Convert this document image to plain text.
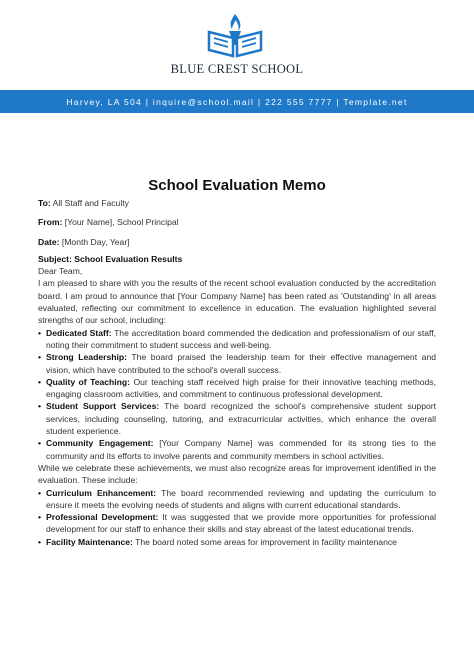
BLUE CREST SCHOOL
Harvey, LA 504 | inquire@school.mail | 222 555 7777 | Template.net
School Evaluation Memo
To: All Staff and Faculty
From: [Your Name], School Principal
Date: [Month Day, Year]
Subject: School Evaluation Results

Dear Team,

I am pleased to share with you the results of the recent school evaluation conducted by the accreditation board. I am proud to announce that [Your Company Name] has been rated as 'Outstanding' in all areas evaluated, reflecting our commitment to excellence in education. The evaluation highlighted several strengths of our school, including:

• Dedicated Staff: The accreditation board commended the dedication and professionalism of our staff, noting their commitment to student success and well-being.
• Strong Leadership: The board praised the leadership team for their effective management and vision, which have contributed to the school's overall success.
• Quality of Teaching: Our teaching staff received high praise for their innovative teaching methods, engaging classroom activities, and commitment to continuous professional development.
• Student Support Services: The board recognized the school's comprehensive student support services, including counseling, tutoring, and extracurricular activities, which enhance the overall student experience.
• Community Engagement: [Your Company Name] was commended for its strong ties to the community and its efforts to involve parents and community members in school activities.

While we celebrate these achievements, we must also recognize areas for improvement identified in the evaluation. These include:

• Curriculum Enhancement: The board recommended reviewing and updating the curriculum to ensure it meets the evolving needs of students and aligns with current educational standards.
• Professional Development: It was suggested that we provide more opportunities for professional development for our staff to enhance their skills and stay abreast of the latest educational trends.
• Facility Maintenance: The board noted some areas for improvement in facility maintenance
